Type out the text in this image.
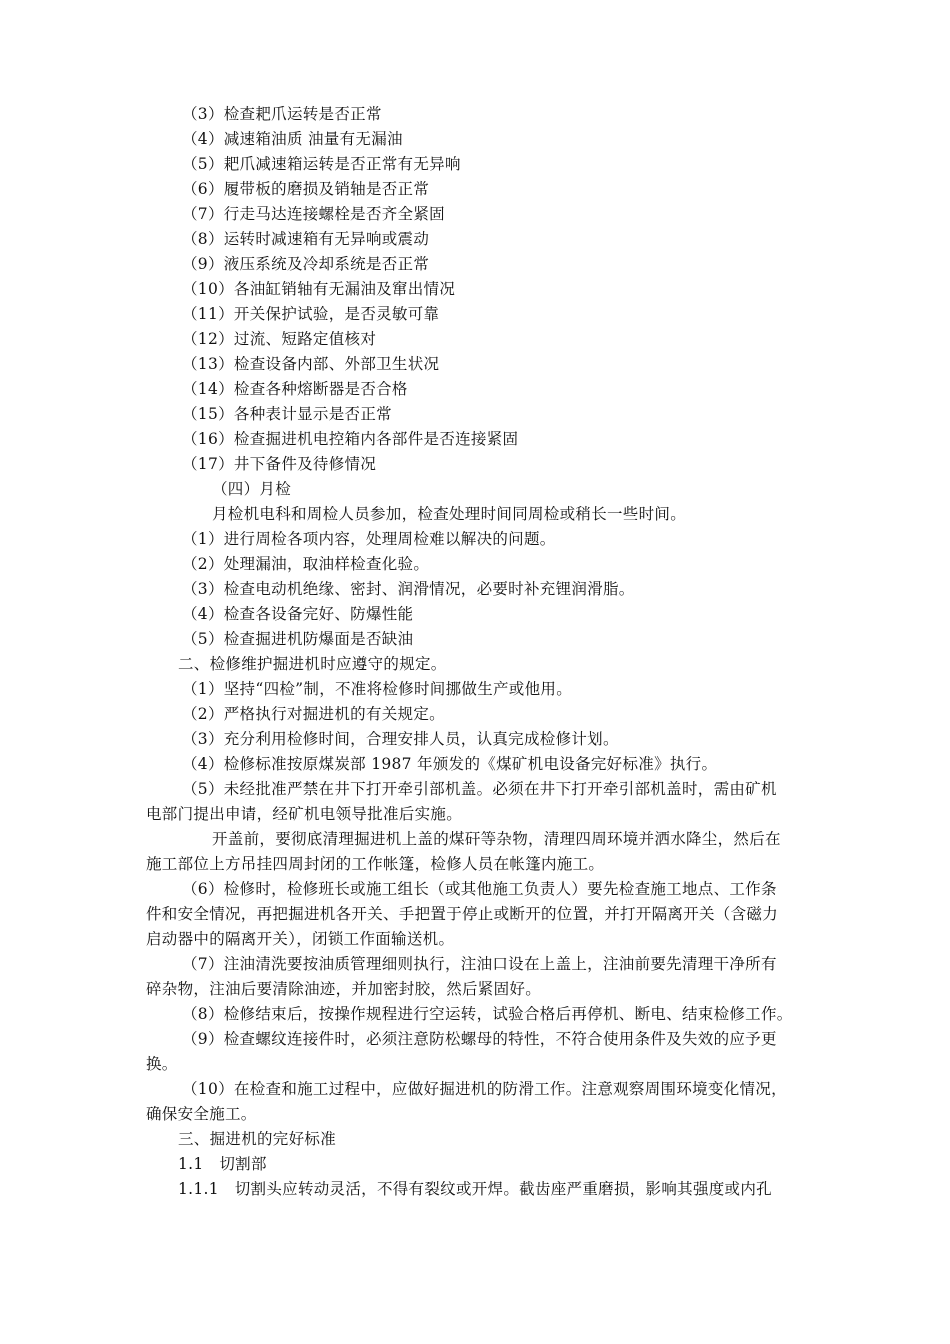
（3）检查耙爪运转是否正常
（4）减速箱油质 油量有无漏油
（5）耙爪减速箱运转是否正常有无异响
（6）履带板的磨损及销轴是否正常
（7）行走马达连接螺栓是否齐全紧固
（8）运转时减速箱有无异响或震动
（9）液压系统及冷却系统是否正常
（10）各油缸销轴有无漏油及窜出情况
（11）开关保护试验，是否灵敏可靠
（12）过流、短路定值核对
（13）检查设备内部、外部卫生状况
（14）检查各种熔断器是否合格
（15）各种表计显示是否正常
（16）检查掘进机电控箱内各部件是否连接紧固
（17）井下备件及待修情况
（四）月检
月检机电科和周检人员参加，检查处理时间同周检或稍长一些时间。
（1）进行周检各项内容，处理周检难以解决的问题。
（2）处理漏油，取油样检查化验。
（3）检查电动机绝缘、密封、润滑情况，必要时补充锂润滑脂。
（4）检查各设备完好、防爆性能
（5）检查掘进机防爆面是否缺油
二、检修维护掘进机时应遵守的规定。
（1）坚持“四检”制，不准将检修时间挪做生产或他用。
（2）严格执行对掘进机的有关规定。
（3）充分利用检修时间，合理安排人员，认真完成检修计划。
（4）检修标准按原煤炭部 1987 年颁发的《煤矿机电设备完好标准》执行。
（5）未经批准严禁在井下打开牵引部机盖。必须在井下打开牵引部机盖时，需由矿机
电部门提出申请，经矿机电领导批准后实施。
开盖前，要彻底清理掘进机上盖的煤矸等杂物，清理四周环境并洒水降尘，然后在
施工部位上方吊挂四周封闭的工作帐篷，检修人员在帐篷内施工。
（6）检修时，检修班长或施工组长（或其他施工负责人）要先检查施工地点、工作条
件和安全情况，再把掘进机各开关、手把置于停止或断开的位置，并打开隔离开关（含磁力
启动器中的隔离开关），闭锁工作面输送机。
（7）注油清洗要按油质管理细则执行，注油口设在上盖上，注油前要先清理干净所有
碎杂物，注油后要清除油迹，并加密封胶，然后紧固好。
（8）检修结束后，按操作规程进行空运转，试验合格后再停机、断电、结束检修工作。
（9）检查螺纹连接件时，必须注意防松螺母的特性，不符合使用条件及失效的应予更
换。
（10）在检查和施工过程中，应做好掘进机的防滑工作。注意观察周围环境变化情况，
确保安全施工。
三、掘进机的完好标准
1.1　切割部
1.1.1　切割头应转动灵活，不得有裂纹或开焊。截齿座严重磨损，影响其强度或内孔
